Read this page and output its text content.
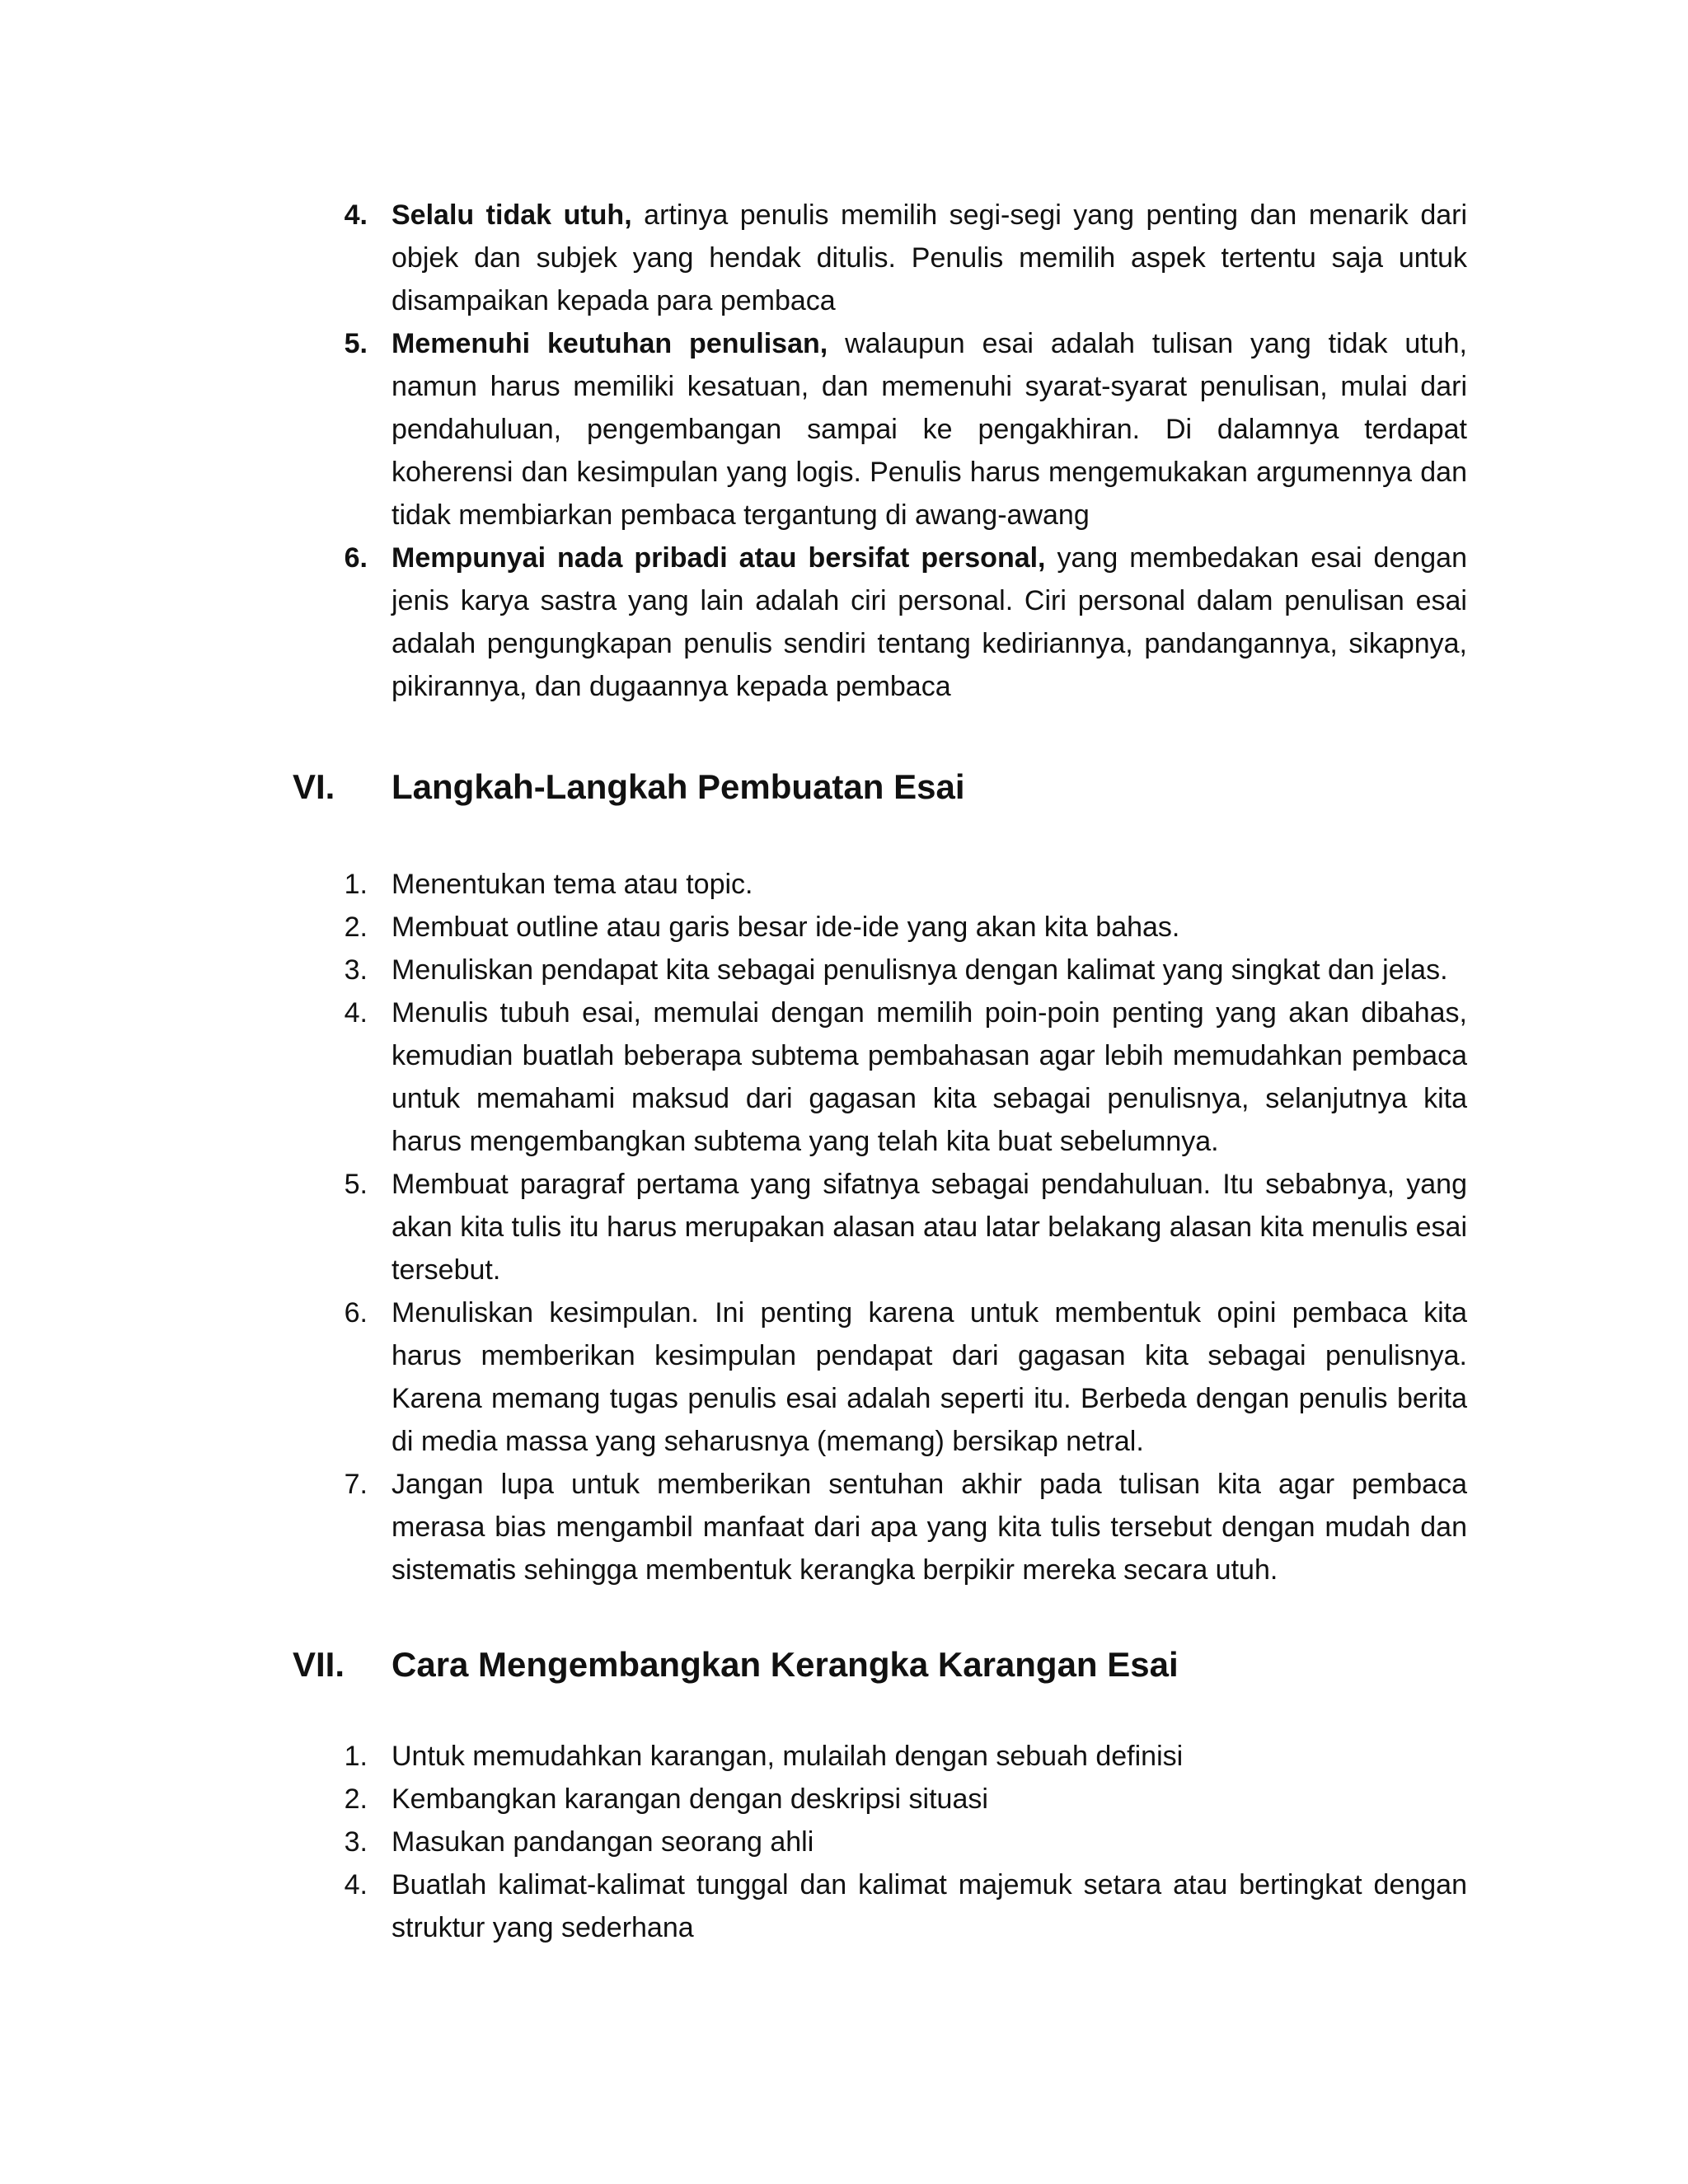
4. Selalu tidak utuh, artinya penulis memilih segi-segi yang penting dan menarik dari objek dan subjek yang hendak ditulis. Penulis memilih aspek tertentu saja untuk disampaikan kepada para pembaca
5. Memenuhi keutuhan penulisan, walaupun esai adalah tulisan yang tidak utuh, namun harus memiliki kesatuan, dan memenuhi syarat-syarat penulisan, mulai dari pendahuluan, pengembangan sampai ke pengakhiran. Di dalamnya terdapat koherensi dan kesimpulan yang logis. Penulis harus mengemukakan argumennya dan tidak membiarkan pembaca tergantung di awang-awang
6. Mempunyai nada pribadi atau bersifat personal, yang membedakan esai dengan jenis karya sastra yang lain adalah ciri personal. Ciri personal dalam penulisan esai adalah pengungkapan penulis sendiri tentang kediriannya, pandangannya, sikapnya, pikirannya, dan dugaannya kepada pembaca
VI. Langkah-Langkah Pembuatan Esai
1. Menentukan tema atau topic.
2. Membuat outline atau garis besar ide-ide yang akan kita bahas.
3. Menuliskan pendapat kita sebagai penulisnya dengan kalimat yang singkat dan jelas.
4. Menulis tubuh esai, memulai dengan memilih poin-poin penting yang akan dibahas, kemudian buatlah beberapa subtema pembahasan agar lebih memudahkan pembaca untuk memahami maksud dari gagasan kita sebagai penulisnya, selanjutnya kita harus mengembangkan subtema yang telah kita buat sebelumnya.
5. Membuat paragraf pertama yang sifatnya sebagai pendahuluan. Itu sebabnya, yang akan kita tulis itu harus merupakan alasan atau latar belakang alasan kita menulis esai tersebut.
6. Menuliskan kesimpulan. Ini penting karena untuk membentuk opini pembaca kita harus memberikan kesimpulan pendapat dari gagasan kita sebagai penulisnya. Karena memang tugas penulis esai adalah seperti itu. Berbeda dengan penulis berita di media massa yang seharusnya (memang) bersikap netral.
7. Jangan lupa untuk memberikan sentuhan akhir pada tulisan kita agar pembaca merasa bias mengambil manfaat dari apa yang kita tulis tersebut dengan mudah dan sistematis sehingga membentuk kerangka berpikir mereka secara utuh.
VII. Cara Mengembangkan Kerangka Karangan Esai
1. Untuk memudahkan karangan, mulailah dengan sebuah definisi
2. Kembangkan karangan dengan deskripsi situasi
3. Masukan pandangan seorang ahli
4. Buatlah kalimat-kalimat tunggal dan kalimat majemuk setara atau bertingkat dengan struktur yang sederhana
